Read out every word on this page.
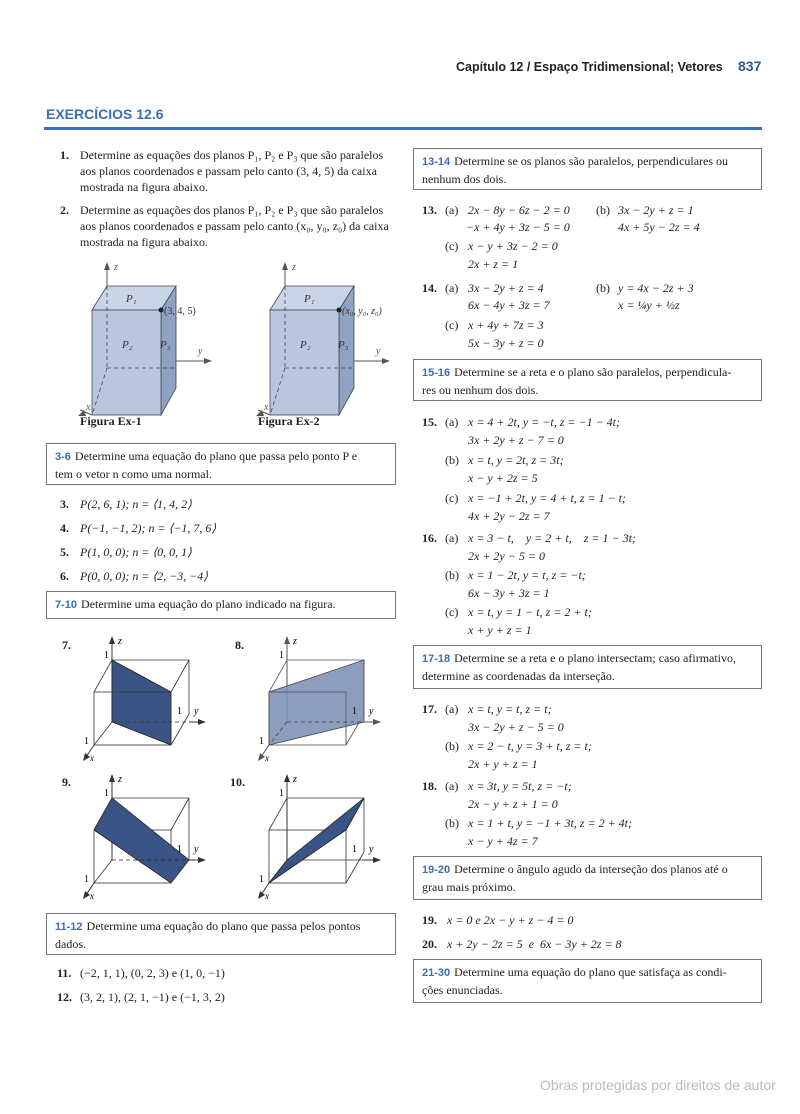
Capítulo 12 / Espaço Tridimensional; Vetores 837
EXERCÍCIOS 12.6
1. Determine as equações dos planos P₁, P₂ e P₃ que são paralelos
aos planos coordenados e passam pelo canto (3, 4, 5) da caixa
mostrada na figura abaixo.
2. Determine as equações dos planos P₁, P₂ e P₃ que são paralelos
aos planos coordenados e passam pelo canto (x₀, y₀, z₀) da caixa
mostrada na figura abaixo.
z
y
x
(3, 4, 5)
P₁
P₂ P₃
Figura Ex-1
z
y
x
(x₀, y₀, z₀)
P₁
P₂ P₃
Figura Ex-2
3-6 Determine uma equação do plano que passa pelo ponto P e
tem o vetor n como uma normal.
3. P(2, 6, 1); n = ⟨1, 4, 2⟩
4. P(−1, −1, 2); n = ⟨−1, 7, 6⟩
5. P(1, 0, 0); n = ⟨0, 0, 1⟩
6. P(0, 0, 0); n = ⟨2, −3, −4⟩
7-10 Determine uma equação do plano indicado na figura.
7.	z
y
1
1
1
x
8.	z
y
1
1
1
x
9.	z
y
1
1
1
x
10.	z
y
1
1
1
x
11-12 Determine uma equação do plano que passa pelos pontos
dados.
11. (−2, 1, 1), (0, 2, 3) e (1, 0, −1)
12. (3, 2, 1), (2, 1, −1) e (−1, 3, 2)
13-14 Determine se os planos são paralelos, perpendiculares ou
nenhum dos dois.
13. (a) 2x − 8y − 6z − 2 = 0
−x + 4y + 3z − 5 = 0
(b) 3x − 2y + z = 1
4x + 5y − 2z = 4
(c) x − y + 3z − 2 = 0
2x + z = 1
14. (a) 3x − 2y + z = 4
6x − 4y + 3z = 7
(b) y = 4x − 2z + 3
x = ¼y + ½z
(c) x + 4y + 7z = 3
5x − 3y + z = 0
15-16 Determine se a reta e o plano são paralelos, perpendicula-
res ou nenhum dos dois.
15. (a) x = 4 + 2t, y = −t, z = −1 − 4t;
3x + 2y + z − 7 = 0
(b) x = t, y = 2t, z = 3t;
x − y + 2z = 5
(c) x = −1 + 2t, y = 4 + t, z = 1 − t;
4x + 2y − 2z = 7
16. (a) x = 3 − t,    y = 2 + t,    z = 1 − 3t;
2x + 2y − 5 = 0
(b) x = 1 − 2t, y = t, z = −t;
6x − 3y + 3z = 1
(c) x = t, y = 1 − t, z = 2 + t;
x + y + z = 1
17-18 Determine se a reta e o plano intersectam; caso afirmativo,
determine as coordenadas da interseção.
17. (a) x = t, y = t, z = t;
3x − 2y + z − 5 = 0
(b) x = 2 − t, y = 3 + t, z = t;
2x + y + z = 1
18. (a) x = 3t, y = 5t, z = −t;
2x − y + z + 1 = 0
(b) x = 1 + t, y = −1 + 3t, z = 2 + 4t;
x − y + 4z = 7
19-20 Determine o ângulo agudo da interseção dos planos até o
grau mais próximo.
19. x = 0 e 2x − y + z − 4 = 0
20. x + 2y − 2z = 5  e  6x − 3y + 2z = 8
21-30 Determine uma equação do plano que satisfaça as condi-
ções enunciadas.
Obras protegidas por direitos de autor
